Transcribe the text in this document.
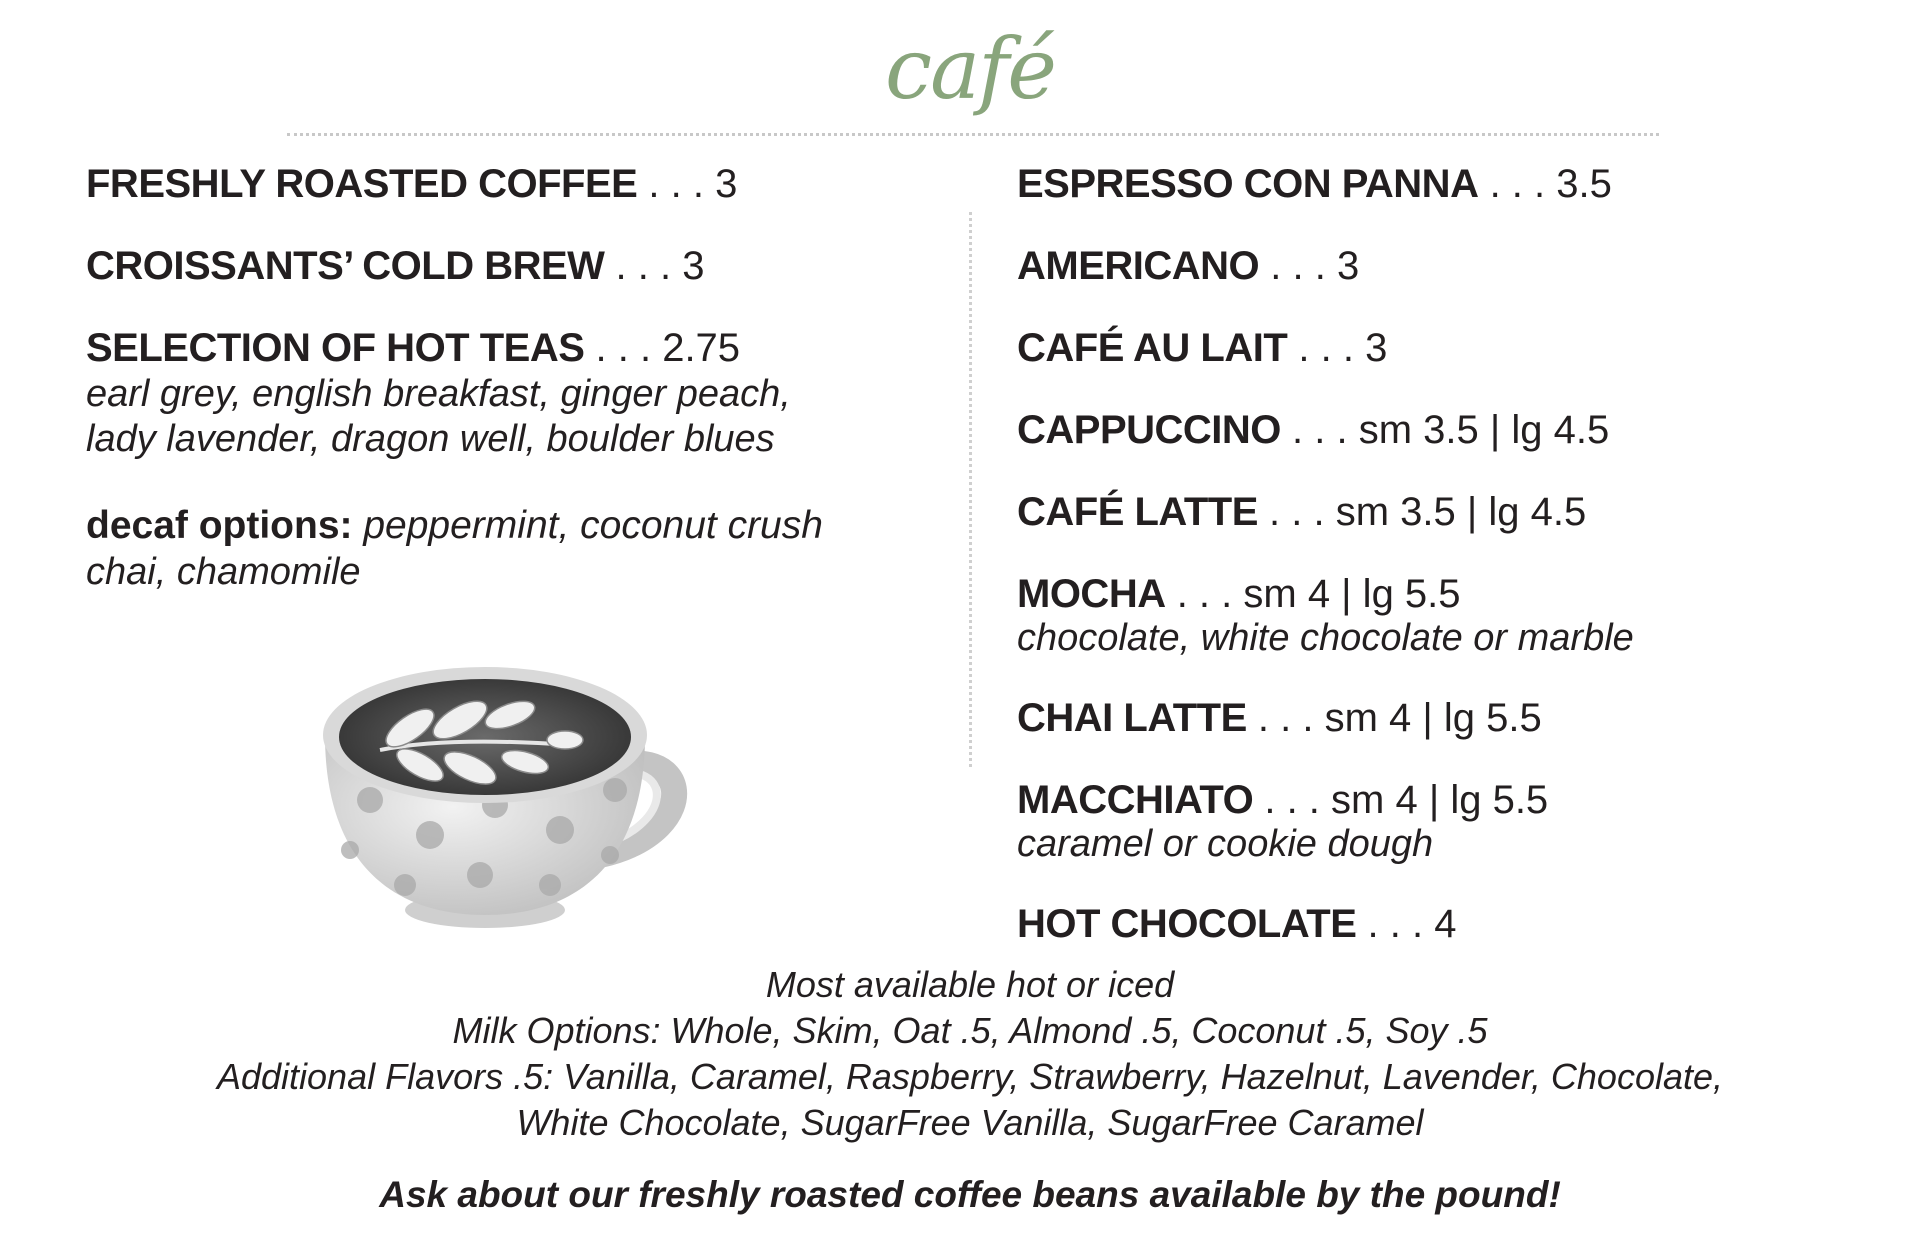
café
FRESHLY ROASTED COFFEE . . . 3
CROISSANTS’ COLD BREW . . . 3
SELECTION OF HOT TEAS . . . 2.75
earl grey, english breakfast, ginger peach,
lady lavender, dragon well, boulder blues
decaf options: peppermint, coconut crush
chai, chamomile
ESPRESSO CON PANNA . . . 3.5
AMERICANO . . . 3
CAFÉ AU LAIT . . . 3
CAPPUCCINO . . . sm 3.5 | lg 4.5
CAFÉ LATTE . . . sm 3.5 | lg 4.5
MOCHA . . . sm 4 | lg 5.5
chocolate, white chocolate or marble
CHAI LATTE . . . sm 4 | lg 5.5
MACCHIATO . . . sm 4 | lg 5.5
caramel or cookie dough
HOT CHOCOLATE . . . 4
Most available hot or iced
Milk Options: Whole, Skim, Oat .5, Almond .5, Coconut .5, Soy .5
Additional Flavors .5: Vanilla, Caramel, Raspberry, Strawberry, Hazelnut, Lavender, Chocolate,
White Chocolate, SugarFree Vanilla, SugarFree Caramel
Ask about our freshly roasted coffee beans available by the pound!
